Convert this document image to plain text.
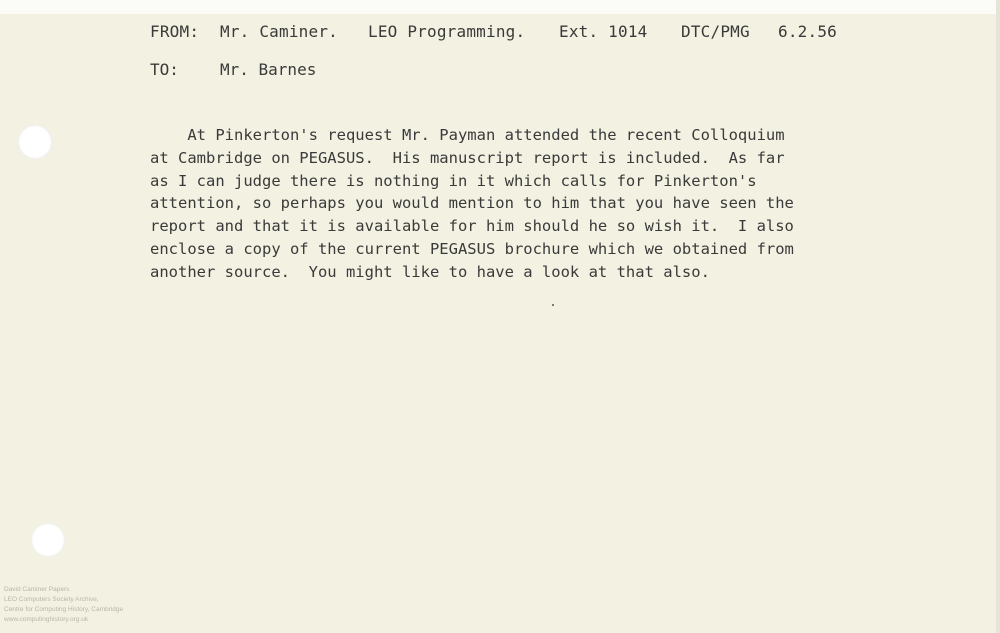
FROM: Mr. Caminer. LEO Programming. Ext. 1014 DTC/PMG 6.2.56
TO:	Mr. Barnes
At Pinkerton's request Mr. Payman attended the recent Colloquium
at Cambridge on PEGASUS.  His manuscript report is included.  As far
as I can judge there is nothing in it which calls for Pinkerton's
attention, so perhaps you would mention to him that you have seen the
report and that it is available for him should he so wish it.  I also
enclose a copy of the current PEGASUS brochure which we obtained from
another source.  You might like to have a look at that also.
David Caminer Papers
LEO Computers Society Archive,
Centre for Computing History, Cambridge
www.computinghistory.org.uk
